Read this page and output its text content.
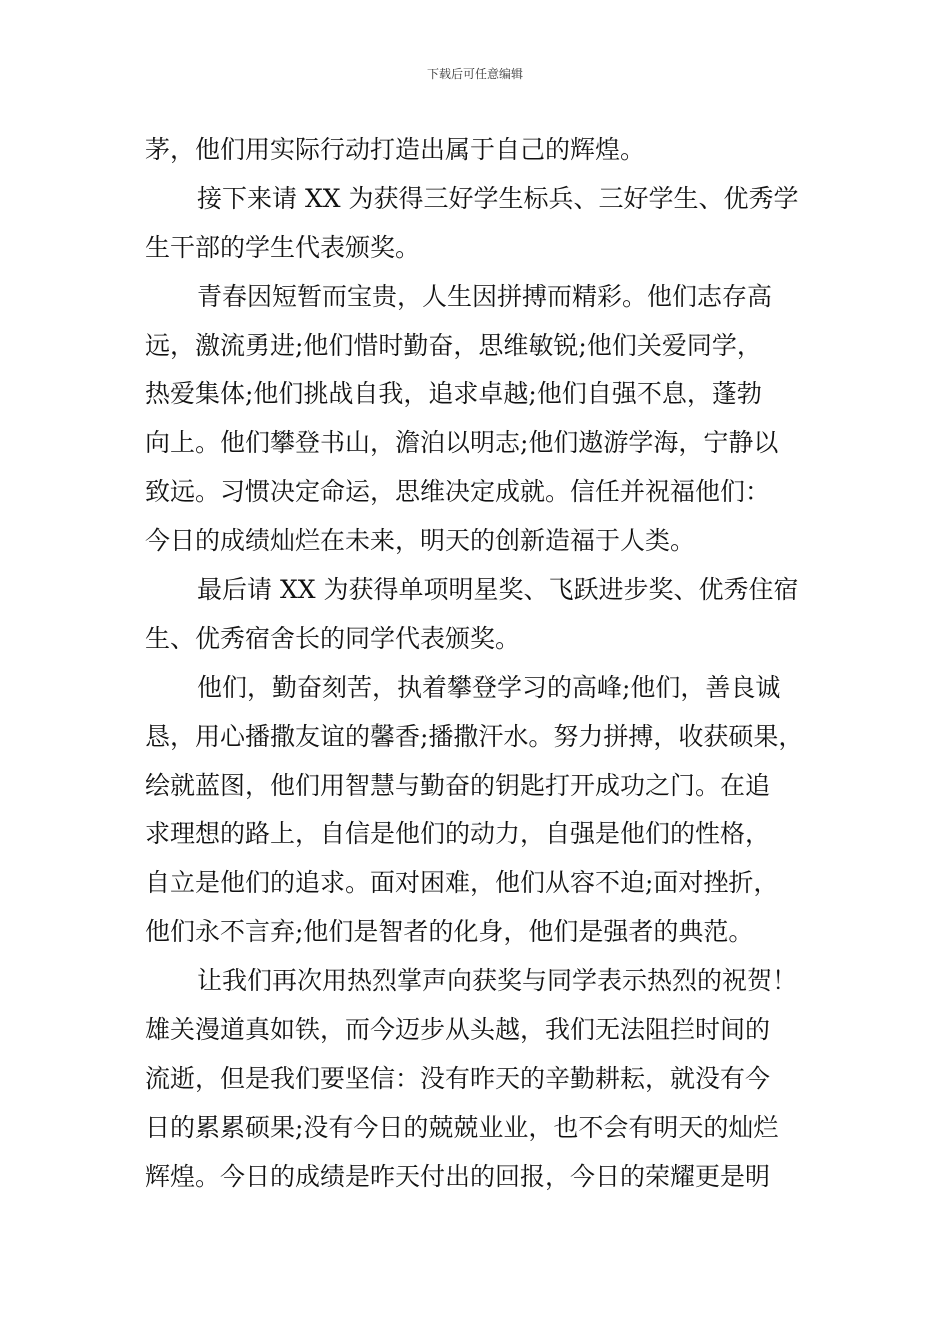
下载后可任意编辑
茅，他们用实际行动打造出属于自己的辉煌。
接下来请 XX 为获得三好学生标兵、三好学生、优秀学
生干部的学生代表颁奖。
青春因短暂而宝贵，人生因拼搏而精彩。他们志存高
远，激流勇进;他们惜时勤奋，思维敏锐;他们关爱同学，
热爱集体;他们挑战自我，追求卓越;他们自强不息，蓬勃
向上。他们攀登书山，澹泊以明志;他们遨游学海，宁静以
致远。习惯决定命运，思维决定成就。信任并祝福他们：
今日的成绩灿烂在未来，明天的创新造福于人类。
最后请 XX 为获得单项明星奖、飞跃进步奖、优秀住宿
生、优秀宿舍长的同学代表颁奖。
他们，勤奋刻苦，执着攀登学习的高峰;他们，善良诚
恳，用心播撒友谊的馨香;播撒汗水。努力拼搏，收获硕果，
绘就蓝图，他们用智慧与勤奋的钥匙打开成功之门。在追
求理想的路上，自信是他们的动力，自强是他们的性格，
自立是他们的追求。面对困难，他们从容不迫;面对挫折，
他们永不言弃;他们是智者的化身，他们是强者的典范。
让我们再次用热烈掌声向获奖与同学表示热烈的祝贺！
雄关漫道真如铁，而今迈步从头越，我们无法阻拦时间的
流逝，但是我们要坚信：没有昨天的辛勤耕耘，就没有今
日的累累硕果;没有今日的兢兢业业，也不会有明天的灿烂
辉煌。今日的成绩是昨天付出的回报，今日的荣耀更是明
